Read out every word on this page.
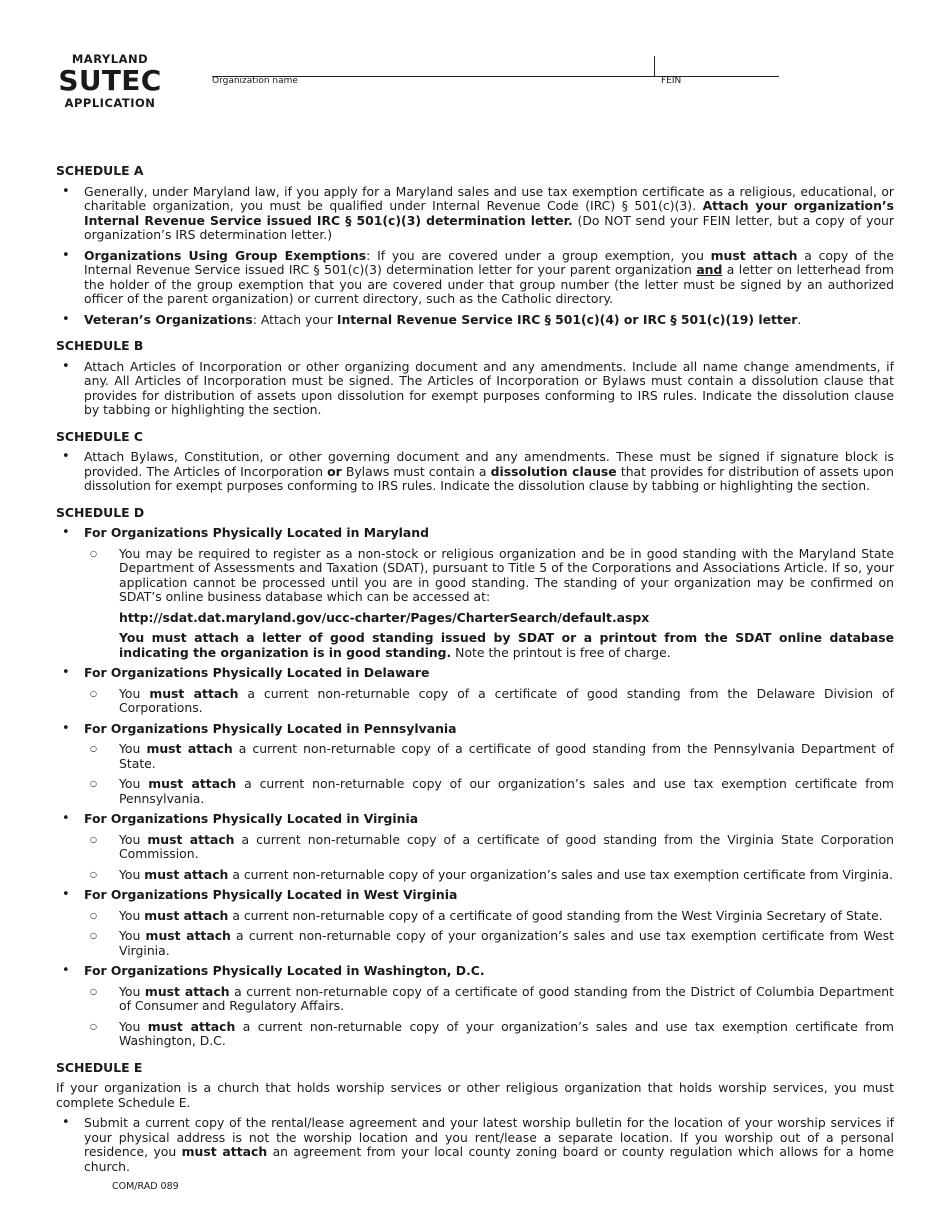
MARYLAND
SUTEC
APPLICATION
Organization name	FEIN

SCHEDULE A

• Generally, under Maryland law, if you apply for a Maryland sales and use tax exemption certificate as a religious, educational, or charitable organization, you must be qualified under Internal Revenue Code (IRC) § 501(c)(3). Attach your organization’s Internal Revenue Service issued IRC § 501(c)(3) determination letter. (Do NOT send your FEIN letter, but a copy of your organization’s IRS determination letter.)
• Organizations Using Group Exemptions: If you are covered under a group exemption, you must attach a copy of the Internal Revenue Service issued IRC § 501(c)(3) determination letter for your parent organization and a letter on letterhead from the holder of the group exemption that you are covered under that group number (the letter must be signed by an authorized officer of the parent organization) or current directory, such as the Catholic directory.
• Veteran’s Organizations: Attach your Internal Revenue Service IRC § 501(c)(4) or IRC § 501(c)(19) letter.

SCHEDULE B

• Attach Articles of Incorporation or other organizing document and any amendments. Include all name change amendments, if any. All Articles of Incorporation must be signed. The Articles of Incorporation or Bylaws must contain a dissolution clause that provides for distribution of assets upon dissolution for exempt purposes conforming to IRS rules. Indicate the dissolution clause by tabbing or highlighting the section.

SCHEDULE C

• Attach Bylaws, Constitution, or other governing document and any amendments. These must be signed if signature block is provided. The Articles of Incorporation or Bylaws must contain a dissolution clause that provides for distribution of assets upon dissolution for exempt purposes conforming to IRS rules. Indicate the dissolution clause by tabbing or highlighting the section.

SCHEDULE D

• For Organizations Physically Located in Maryland
○ You may be required to register as a non-stock or religious organization and be in good standing with the Maryland State Department of Assessments and Taxation (SDAT), pursuant to Title 5 of the Corporations and Associations Article. If so, your application cannot be processed until you are in good standing. The standing of your organization may be confirmed on SDAT’s online business database which can be accessed at:

http://sdat.dat.maryland.gov/ucc-charter/Pages/CharterSearch/default.aspx

You must attach a letter of good standing issued by SDAT or a printout from the SDAT online database indicating the organization is in good standing. Note the printout is free of charge.

• For Organizations Physically Located in Delaware
○ You must attach a current non-returnable copy of a certificate of good standing from the Delaware Division of Corporations.
• For Organizations Physically Located in Pennsylvania
○ You must attach a current non-returnable copy of a certificate of good standing from the Pennsylvania Department of State.
○ You must attach a current non-returnable copy of our organization’s sales and use tax exemption certificate from Pennsylvania.
• For Organizations Physically Located in Virginia
○ You must attach a current non-returnable copy of a certificate of good standing from the Virginia State Corporation Commission.
○ You must attach a current non-returnable copy of your organization’s sales and use tax exemption certificate from Virginia.
• For Organizations Physically Located in West Virginia
○ You must attach a current non-returnable copy of a certificate of good standing from the West Virginia Secretary of State.
○ You must attach a current non-returnable copy of your organization’s sales and use tax exemption certificate from West Virginia.
• For Organizations Physically Located in Washington, D.C.
○ You must attach a current non-returnable copy of a certificate of good standing from the District of Columbia Department of Consumer and Regulatory Affairs.
○ You must attach a current non-returnable copy of your organization’s sales and use tax exemption certificate from Washington, D.C.

SCHEDULE E

If your organization is a church that holds worship services or other religious organization that holds worship services, you must complete Schedule E.

• Submit a current copy of the rental/lease agreement and your latest worship bulletin for the location of your worship services if your physical address is not the worship location and you rent/lease a separate location. If you worship out of a personal residence, you must attach an agreement from your local county zoning board or county regulation which allows for a home church.
COM/RAD 089
